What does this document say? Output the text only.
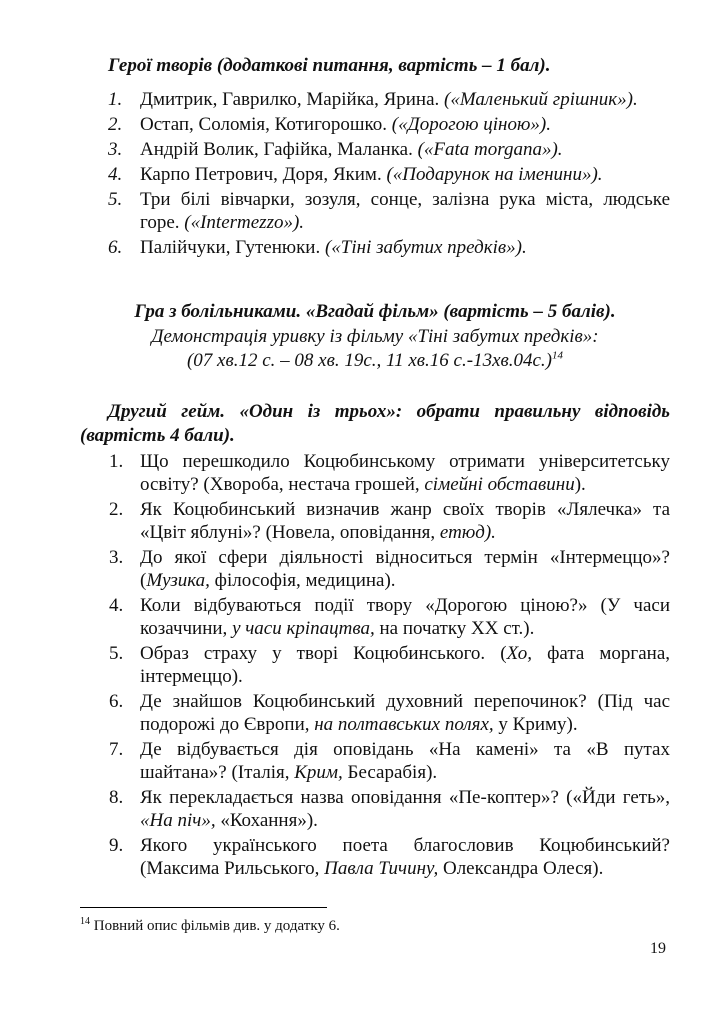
Герої творів (додаткові питання, вартість – 1 бал).
1. Дмитрик, Гаврилко, Марійка, Ярина. («Маленький грішник»).
2. Остап, Соломія, Котигорошко. («Дорогою ціною»).
3. Андрій Волик, Гафійка, Маланка. («Fata morgana»).
4. Карпо Петрович, Доря, Яким. («Подарунок на іменини»).
5. Три білі вівчарки, зозуля, сонце, залізна рука міста, людське горе. («Intermezzo»).
6. Палійчуки, Гутенюки. («Тіні забутих предків»).
Гра з болільниками. «Вгадай фільм» (вартість – 5 балів).
Демонстрація уривку із фільму «Тіні забутих предків»:
(07 хв.12 с. – 08 хв. 19с., 11 хв.16 с.-13хв.04с.)$^{14}$
Другий гейм. «Один із трьох»: обрати правильну відповідь
(вартість 4 бали).
1. Що перешкодило Коцюбинському отримати університетську освіту? (Хвороба, нестача грошей, сімейні обставини).
2. Як Коцюбинський визначив жанр своїх творів «Лялечка» та «Цвіт яблуні»? (Новела, оповідання, етюд).
3. До якої сфери діяльності відноситься термін «Інтермеццо»? (Музика, філософія, медицина).
4. Коли відбуваються події твору «Дорогою ціною?» (У часи козаччини, у часи кріпацтва, на початку ХХ ст.).
5. Образ страху у творі Коцюбинського. (Хо, фата моргана, інтермеццо).
6. Де знайшов Коцюбинський духовний перепочинок? (Під час подорожі до Європи, на полтавських полях, у Криму).
7. Де відбувається дія оповідань «На камені» та «В путах шайтана»? (Італія, Крим, Бесарабія).
8. Як перекладається назва оповідання «Пе-коптер»? («Йди геть», «На піч», «Кохання»).
9. Якого українського поета благословив Коцюбинський? (Максима Рильського, Павла Тичину, Олександра Олеся).
$^{14}$ Повний опис фільмів див. у додатку 6.
19
